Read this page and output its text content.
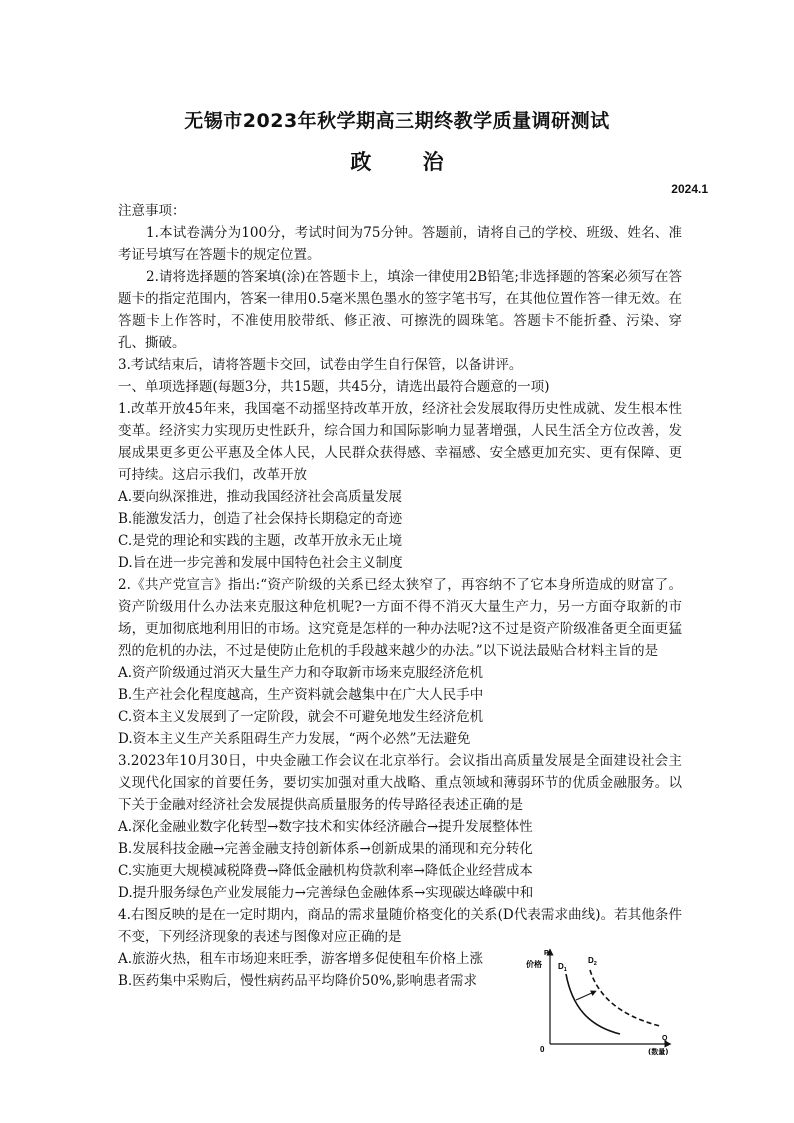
无锡市2023年秋学期高三期终教学质量调研测试
政 治
2024.1

注意事项：

1.本试卷满分为100分，考试时间为75分钟。答题前，请将自己的学校、班级、姓名、准考证号填写在答题卡的规定位置。

2.请将选择题的答案填(涂)在答题卡上，填涂一律使用2B铅笔;非选择题的答案必须写在答题卡的指定范围内，答案一律用0.5毫米黑色墨水的签字笔书写，在其他位置作答一律无效。在答题卡上作答时，不准使用胶带纸、修正液、可擦洗的圆珠笔。答题卡不能折叠、污染、穿孔、撕破。

3.考试结束后，请将答题卡交回，试卷由学生自行保管，以备讲评。

一、单项选择题(每题3分，共15题，共45分，请选出最符合题意的一项)

1.改革开放45年来，我国毫不动摇坚持改革开放，经济社会发展取得历史性成就、发生根本性变革。经济实力实现历史性跃升，综合国力和国际影响力显著增强，人民生活全方位改善，发展成果更多更公平惠及全体人民，人民群众获得感、幸福感、安全感更加充实、更有保障、更可持续。这启示我们，改革开放

A.要向纵深推进，推动我国经济社会高质量发展

B.能激发活力，创造了社会保持长期稳定的奇迹

C.是党的理论和实践的主题，改革开放永无止境

D.旨在进一步完善和发展中国特色社会主义制度

2.《共产党宣言》指出:“资产阶级的关系已经太狭窄了，再容纳不了它本身所造成的财富了。资产阶级用什么办法来克服这种危机呢?一方面不得不消灭大量生产力，另一方面夺取新的市场，更加彻底地利用旧的市场。这究竟是怎样的一种办法呢?这不过是资产阶级准备更全面更猛烈的危机的办法，不过是使防止危机的手段越来越少的办法。”以下说法最贴合材料主旨的是

A.资产阶级通过消灭大量生产力和夺取新市场来克服经济危机

B.生产社会化程度越高，生产资料就会越集中在广大人民手中

C.资本主义发展到了一定阶段，就会不可避免地发生经济危机

D.资本主义生产关系阻碍生产力发展，“两个必然”无法避免

3.2023年10月30日，中央金融工作会议在北京举行。会议指出高质量发展是全面建设社会主义现代化国家的首要任务，要切实加强对重大战略、重点领域和薄弱环节的优质金融服务。以下关于金融对经济社会发展提供高质量服务的传导路径表述正确的是

A.深化金融业数字化转型→数字技术和实体经济融合→提升发展整体性

B.发展科技金融→完善金融支持创新体系→创新成果的涌现和充分转化

C.实施更大规模减税降费→降低金融机构贷款利率→降低企业经营成本

D.提升服务绿色产业发展能力→完善绿色金融体系→实现碳达峰碳中和

4.右图反映的是在一定时期内，商品的需求量随价格变化的关系(D代表需求曲线)。若其他条件不变，下列经济现象的表述与图像对应正确的是

A.旅游火热，租车市场迎来旺季，游客增多促使租车价格上涨

B.医药集中采购后，慢性病药品平均降价50%,影响患者需求

P
价格
0
Q
(数量)
$D_1$
$D_2$
